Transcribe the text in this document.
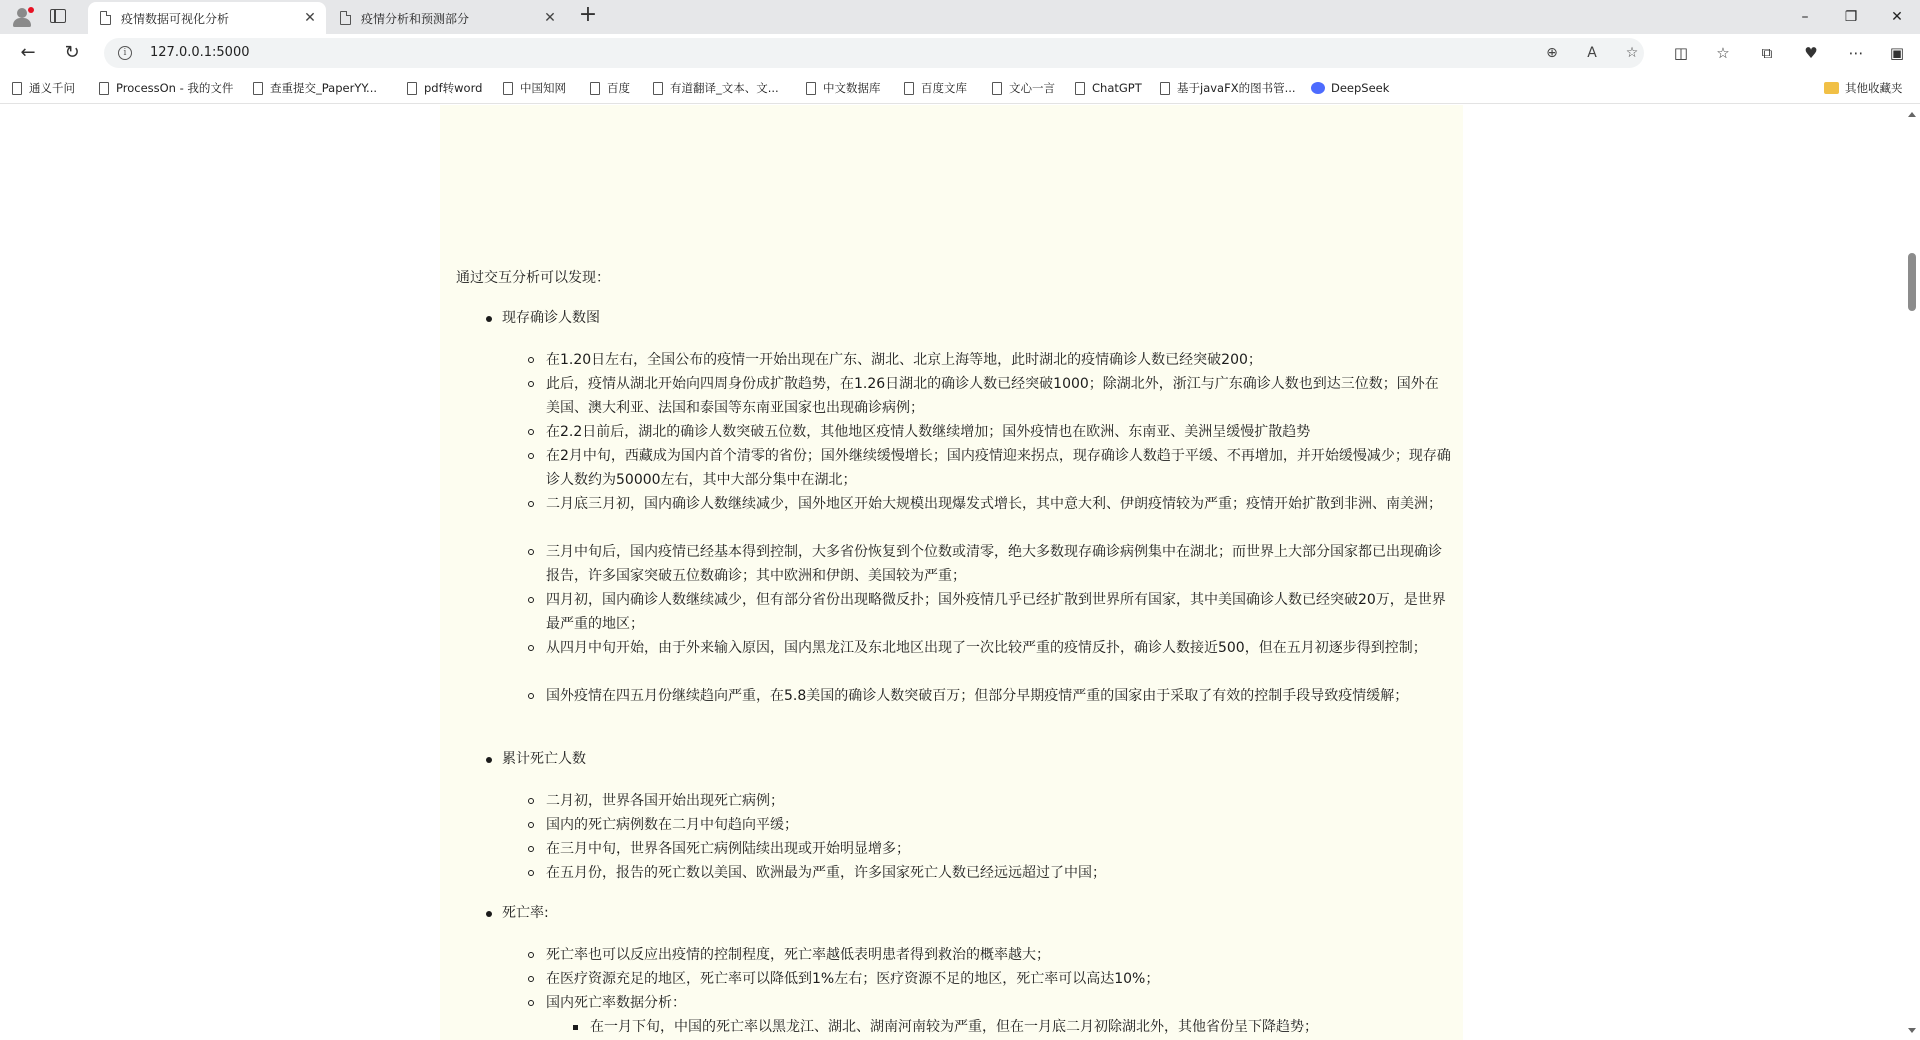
疫情数据可视化分析	✕	疫情分析和预测部分	✕ +	–	❐	✕
←	↻	i	127.0.0.1:5000	⊕	A	☆ ◫ ☆	⧉	♥ ⋯ ▣
通义千问	ProcessOn - 我的文件	查重提交_PaperYY...	pdf转word	中国知网	百度	有道翻译_文本、文...	中文数据库	百度文库	文心一言	ChatGPT	基于javaFX的图书管...	DeepSeek	其他收藏夹
通过交互分析可以发现：
现存确诊人数图
在1.20日左右，全国公布的疫情一开始出现在广东、湖北、北京上海等地，此时湖北的疫情确诊人数已经突破200；
此后，疫情从湖北开始向四周身份成扩散趋势，在1.26日湖北的确诊人数已经突破1000；除湖北外，浙江与广东确诊人数也到达三位数；国外在美国、澳大利亚、法国和泰国等东南亚国家也出现确诊病例；
在2.2日前后，湖北的确诊人数突破五位数，其他地区疫情人数继续增加；国外疫情也在欧洲、东南亚、美洲呈缓慢扩散趋势
在2月中旬，西藏成为国内首个清零的省份；国外继续缓慢增长；国内疫情迎来拐点，现存确诊人数趋于平缓、不再增加，并开始缓慢减少；现存确诊人数约为50000左右，其中大部分集中在湖北；
二月底三月初，国内确诊人数继续减少，国外地区开始大规模出现爆发式增长，其中意大利、伊朗疫情较为严重；疫情开始扩散到非洲、南美洲；
三月中旬后，国内疫情已经基本得到控制，大多省份恢复到个位数或清零，绝大多数现存确诊病例集中在湖北；而世界上大部分国家都已出现确诊报告，许多国家突破五位数确诊；其中欧洲和伊朗、美国较为严重；
四月初，国内确诊人数继续减少，但有部分省份出现略微反扑；国外疫情几乎已经扩散到世界所有国家，其中美国确诊人数已经突破20万，是世界最严重的地区；
从四月中旬开始，由于外来输入原因，国内黑龙江及东北地区出现了一次比较严重的疫情反扑，确诊人数接近500，但在五月初逐步得到控制；
国外疫情在四五月份继续趋向严重，在5.8美国的确诊人数突破百万；但部分早期疫情严重的国家由于采取了有效的控制手段导致疫情缓解；
累计死亡人数
二月初，世界各国开始出现死亡病例；
国内的死亡病例数在二月中旬趋向平缓；
在三月中旬，世界各国死亡病例陆续出现或开始明显增多；
在五月份，报告的死亡数以美国、欧洲最为严重，许多国家死亡人数已经远远超过了中国；
死亡率:
死亡率也可以反应出疫情的控制程度，死亡率越低表明患者得到救治的概率越大；
在医疗资源充足的地区，死亡率可以降低到1%左右；医疗资源不足的地区，死亡率可以高达10%；
国内死亡率数据分析：
在一月下旬，中国的死亡率以黑龙江、湖北、湖南河南较为严重，但在一月底二月初除湖北外，其他省份呈下降趋势；
